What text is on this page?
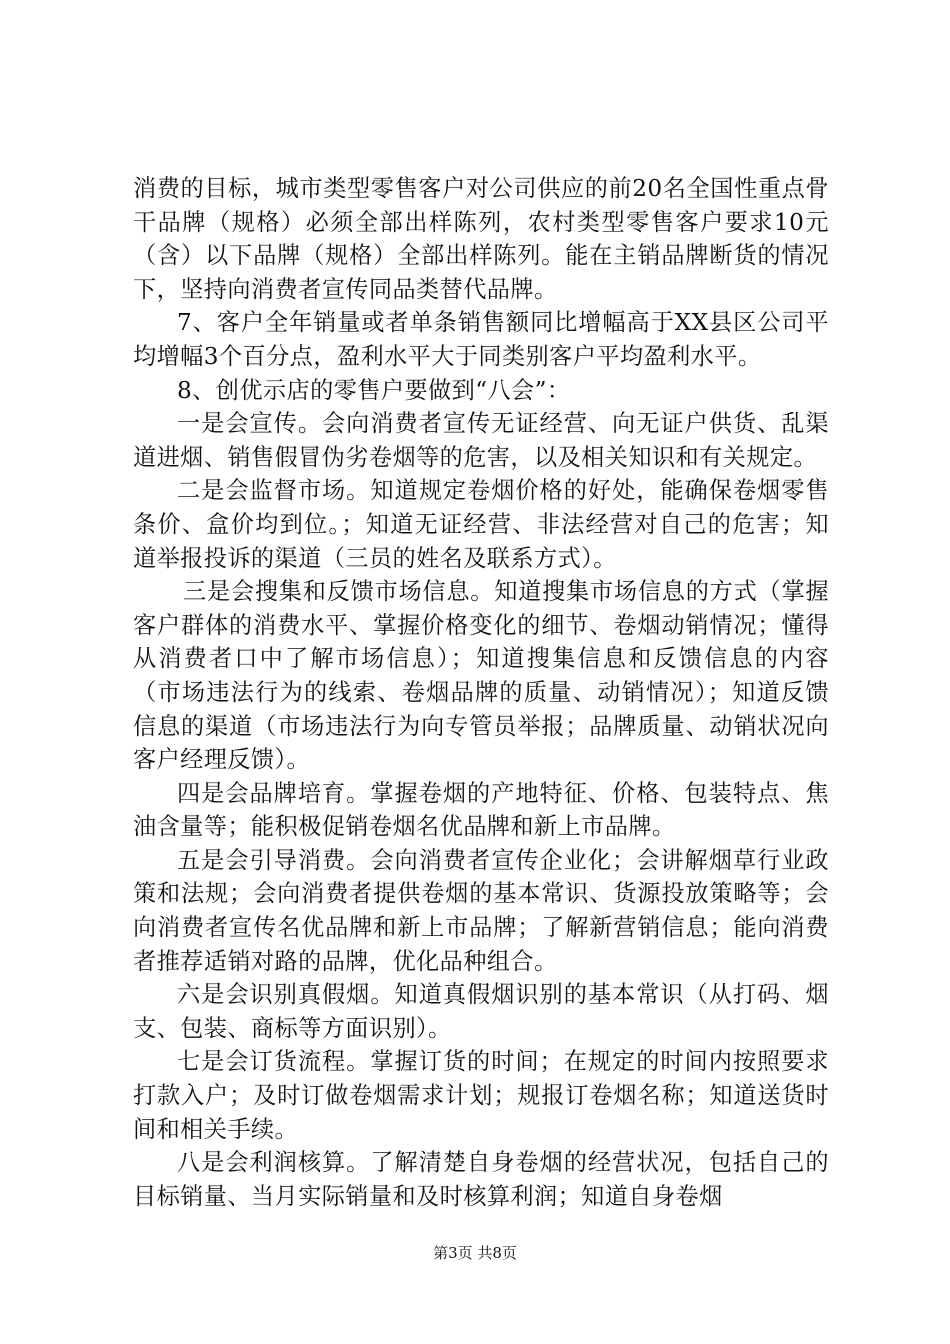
消费的目标，城市类型零售客户对公司供应的前20名全国性重点骨干品牌（规格）必须全部出样陈列，农村类型零售客户要求10元（含）以下品牌（规格）全部出样陈列。能在主销品牌断货的情况下，坚持向消费者宣传同品类替代品牌。

7、客户全年销量或者单条销售额同比增幅高于XX县区公司平均增幅3个百分点，盈利水平大于同类别客户平均盈利水平。

8、创优示店的零售户要做到“八会”：

一是会宣传。会向消费者宣传无证经营、向无证户供货、乱渠道进烟、销售假冒伪劣卷烟等的危害，以及相关知识和有关规定。

二是会监督市场。知道规定卷烟价格的好处，能确保卷烟零售条价、盒价均到位。；知道无证经营、非法经营对自己的危害；知道举报投诉的渠道（三员的姓名及联系方式）。

三是会搜集和反馈市场信息。知道搜集市场信息的方式（掌握客户群体的消费水平、掌握价格变化的细节、卷烟动销情况；懂得从消费者口中了解市场信息）；知道搜集信息和反馈信息的内容（市场违法行为的线索、卷烟品牌的质量、动销情况）；知道反馈信息的渠道（市场违法行为向专管员举报；品牌质量、动销状况向客户经理反馈）。

四是会品牌培育。掌握卷烟的产地特征、价格、包装特点、焦油含量等；能积极促销卷烟名优品牌和新上市品牌。

五是会引导消费。会向消费者宣传企业化；会讲解烟草行业政策和法规；会向消费者提供卷烟的基本常识、货源投放策略等；会向消费者宣传名优品牌和新上市品牌；了解新营销信息；能向消费者推荐适销对路的品牌，优化品种组合。

六是会识别真假烟。知道真假烟识别的基本常识（从打码、烟支、包装、商标等方面识别）。

七是会订货流程。掌握订货的时间；在规定的时间内按照要求打款入户；及时订做卷烟需求计划；规报订卷烟名称；知道送货时间和相关手续。

八是会利润核算。了解清楚自身卷烟的经营状况，包括自己的目标销量、当月实际销量和及时核算利润；知道自身卷烟

第3页 共8页
